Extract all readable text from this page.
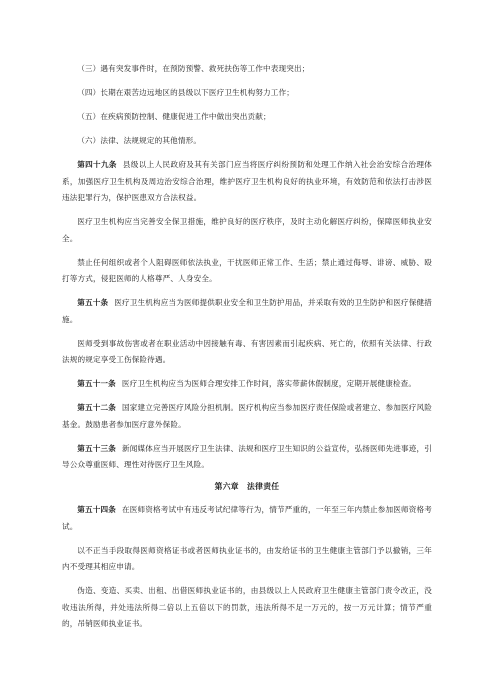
（三）遇有突发事件时，在预防预警、救死扶伤等工作中表现突出；

（四）长期在艰苦边远地区的县级以下医疗卫生机构努力工作；

（五）在疾病预防控制、健康促进工作中做出突出贡献；

（六）法律、法规规定的其他情形。

第四十九条 县级以上人民政府及其有关部门应当将医疗纠纷预防和处理工作纳入社会治安综合治理体系，加强医疗卫生机构及周边治安综合治理，维护医疗卫生机构良好的执业环境，有效防范和依法打击涉医违法犯罪行为，保护医患双方合法权益。

医疗卫生机构应当完善安全保卫措施，维护良好的医疗秩序，及时主动化解医疗纠纷，保障医师执业安全。

禁止任何组织或者个人阻碍医师依法执业，干扰医师正常工作、生活；禁止通过侮辱、诽谤、威胁、殴打等方式，侵犯医师的人格尊严、人身安全。

第五十条 医疗卫生机构应当为医师提供职业安全和卫生防护用品，并采取有效的卫生防护和医疗保健措施。

医师受到事故伤害或者在职业活动中因接触有毒、有害因素而引起疾病、死亡的，依照有关法律、行政法规的规定享受工伤保险待遇。

第五十一条 医疗卫生机构应当为医师合理安排工作时间，落实带薪休假制度，定期开展健康检查。

第五十二条 国家建立完善医疗风险分担机制。医疗机构应当参加医疗责任保险或者建立、参加医疗风险基金。鼓励患者参加医疗意外保险。

第五十三条 新闻媒体应当开展医疗卫生法律、法规和医疗卫生知识的公益宣传，弘扬医师先进事迹，引导公众尊重医师、理性对待医疗卫生风险。

第六章　法律责任

第五十四条 在医师资格考试中有违反考试纪律等行为，情节严重的，一年至三年内禁止参加医师资格考试。

以不正当手段取得医师资格证书或者医师执业证书的，由发给证书的卫生健康主管部门予以撤销，三年内不受理其相应申请。

伪造、变造、买卖、出租、出借医师执业证书的，由县级以上人民政府卫生健康主管部门责令改正，没收违法所得，并处违法所得二倍以上五倍以下的罚款，违法所得不足一万元的，按一万元计算；情节严重的，吊销医师执业证书。
